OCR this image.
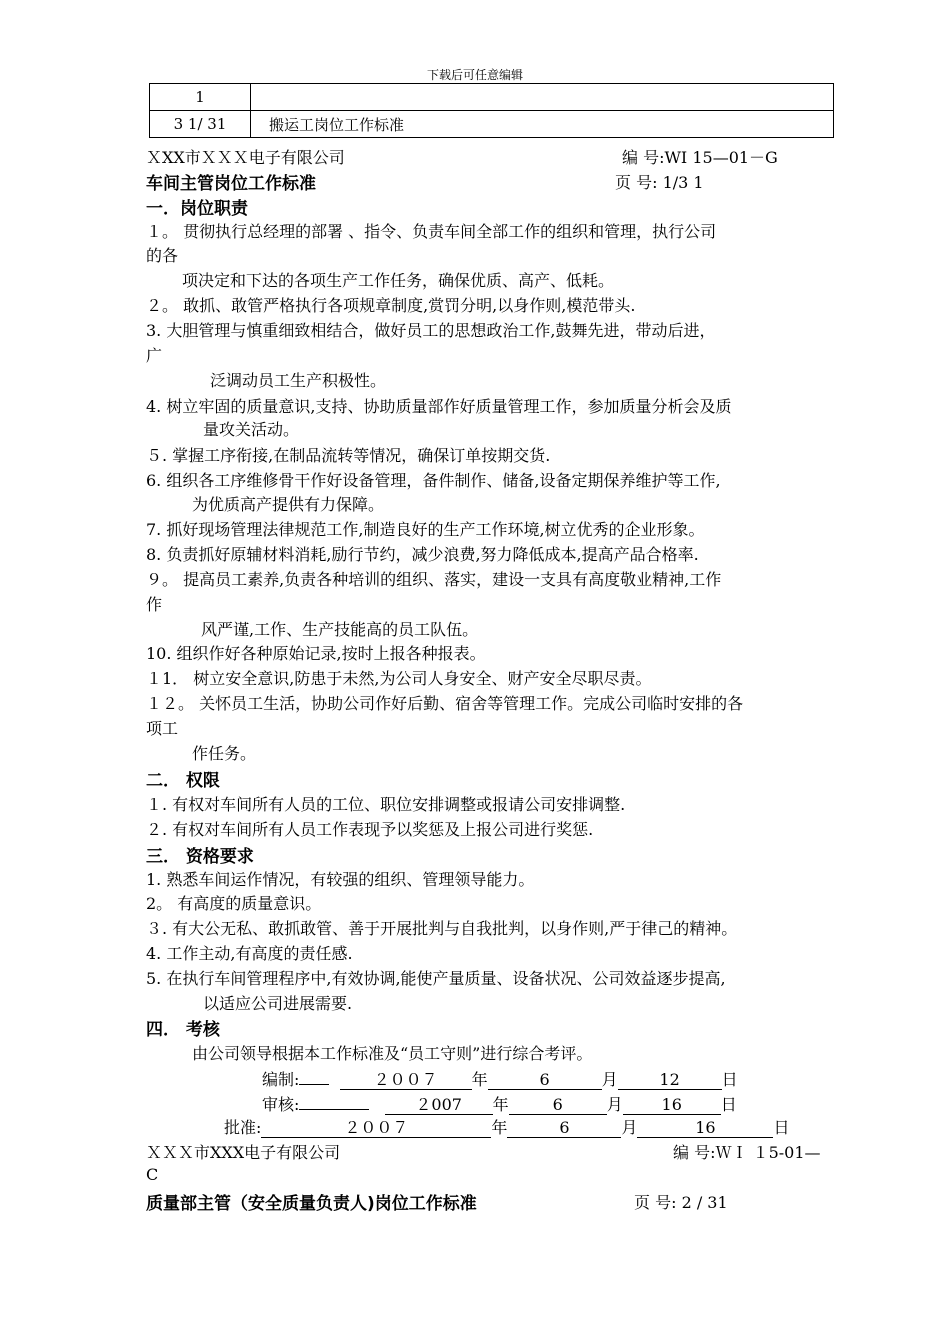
下载后可任意编辑
1	
3 1/ 31	搬运工岗位工作标准
ＸXX市ＸＸＸ电子有限公司	编 号:WI 15—01－G
车间主管岗位工作标准	页 号: 1/3 1
一．岗位职责
１。 贯彻执行总经理的部署 、指令、负责车间全部工作的组织和管理，执行公司
的各
项决定和下达的各项生产工作任务，确保优质、高产、低耗。
２。 敢抓、敢管严格执行各项规章制度,赏罚分明,以身作则,模范带头.
3. 大胆管理与慎重细致相结合，做好员工的思想政治工作,鼓舞先进，带动后进，
广
泛调动员工生产积极性。
4. 树立牢固的质量意识,支持、协助质量部作好质量管理工作，参加质量分析会及质
量攻关活动。
５. 掌握工序衔接,在制品流转等情况，确保订单按期交货.
6. 组织各工序维修骨干作好设备管理，备件制作、储备,设备定期保养维护等工作,
为优质高产提供有力保障。
7. 抓好现场管理法律规范工作,制造良好的生产工作环境,树立优秀的企业形象。
8. 负责抓好原辅材料消耗,励行节约，减少浪费,努力降低成本,提高产品合格率.
９。 提高员工素养,负责各种培训的组织、落实，建设一支具有高度敬业精神,工作
作
风严谨,工作、生产技能高的员工队伍。
10. 组织作好各种原始记录,按时上报各种报表。
１1． 树立安全意识,防患于未然,为公司人身安全、财产安全尽职尽责。
１２。 关怀员工生活，协助公司作好后勤、宿舍等管理工作。完成公司临时安排的各
项工
作任务。
二． 权限
１. 有权对车间所有人员的工位、职位安排调整或报请公司安排调整.
２. 有权对车间所有人员工作表现予以奖惩及上报公司进行奖惩.
三． 资格要求
1. 熟悉车间运作情况，有较强的组织、管理领导能力。
2。 有高度的质量意识。
３. 有大公无私、敢抓敢管、善于开展批判与自我批判，以身作则,严于律己的精神。
4. 工作主动,有高度的责任感.
5. 在执行车间管理程序中,有效协调,能使产量质量、设备状况、公司效益逐步提高,
以适应公司进展需要.
四． 考核
由公司领导根据本工作标准及“员工守则”进行综合考评。
编制:	２００７ 年	6	月	12	日
审核:	２007 年	6	月 16 日
批准:	２００７	年	6	月	16	日
ＸＸＸ市XXX电子有限公司	编 号:ＷＩ １5-01—
C
质量部主管（安全质量负责人)岗位工作标准	页 号: 2 / 31
